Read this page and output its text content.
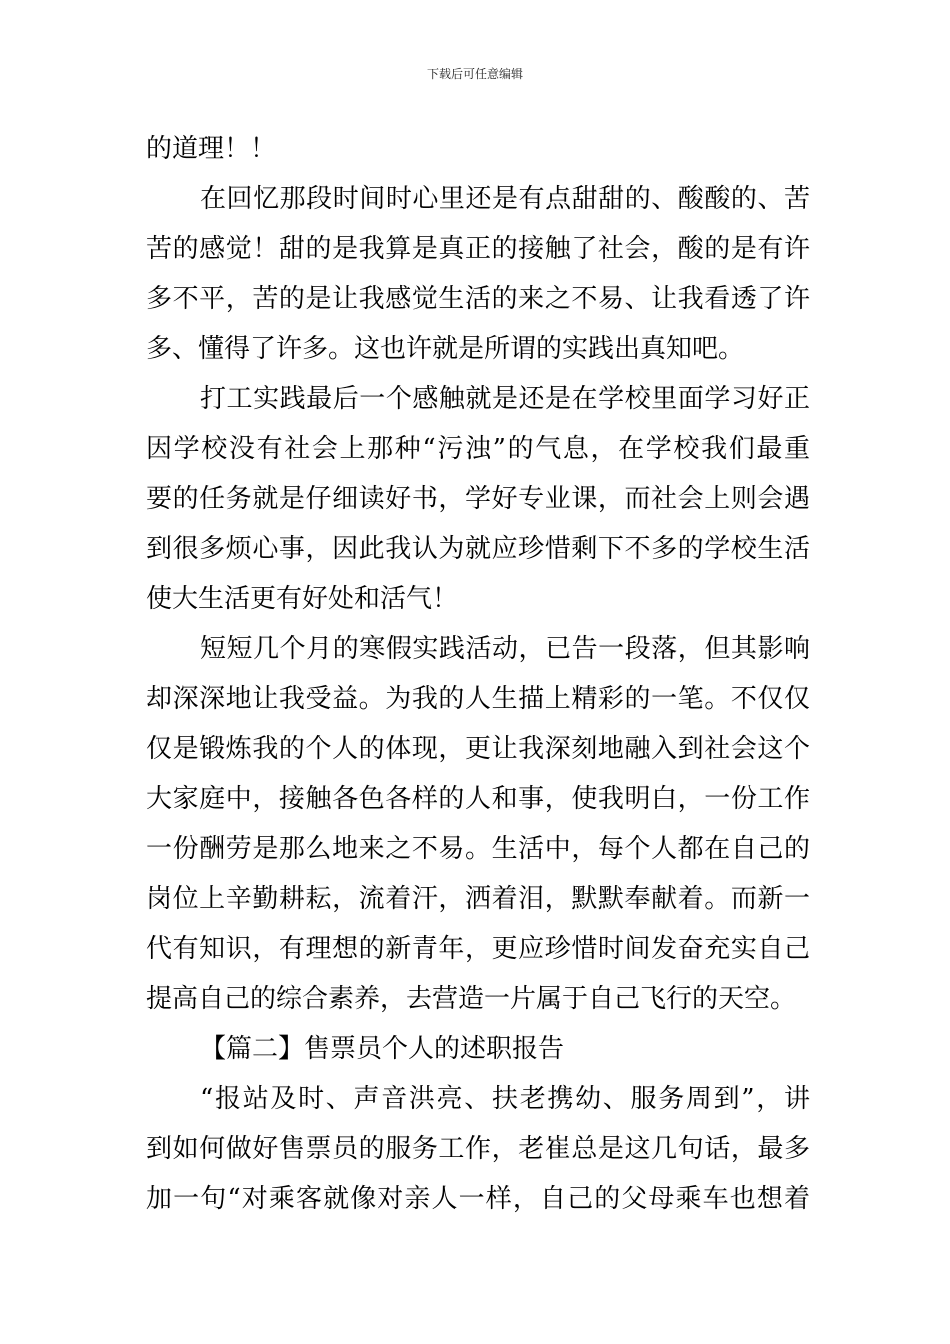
下载后可任意编辑
的道理！！
在回忆那段时间时心里还是有点甜甜的、酸酸的、苦
苦的感觉！甜的是我算是真正的接触了社会，酸的是有许
多不平，苦的是让我感觉生活的来之不易、让我看透了许
多、懂得了许多。这也许就是所谓的实践出真知吧。
打工实践最后一个感触就是还是在学校里面学习好正
因学校没有社会上那种“污浊”的气息，在学校我们最重
要的任务就是仔细读好书，学好专业课，而社会上则会遇
到很多烦心事，因此我认为就应珍惜剩下不多的学校生活
使大生活更有好处和活气！
短短几个月的寒假实践活动，已告一段落，但其影响
却深深地让我受益。为我的人生描上精彩的一笔。不仅仅
仅是锻炼我的个人的体现，更让我深刻地融入到社会这个
大家庭中，接触各色各样的人和事，使我明白，一份工作
一份酬劳是那么地来之不易。生活中，每个人都在自己的
岗位上辛勤耕耘，流着汗，洒着泪，默默奉献着。而新一
代有知识，有理想的新青年，更应珍惜时间发奋充实自己
提高自己的综合素养，去营造一片属于自己飞行的天空。
【篇二】售票员个人的述职报告
“报站及时、声音洪亮、扶老携幼、服务周到”，讲
到如何做好售票员的服务工作，老崔总是这几句话，最多
加一句“对乘客就像对亲人一样，自己的父母乘车也想着
